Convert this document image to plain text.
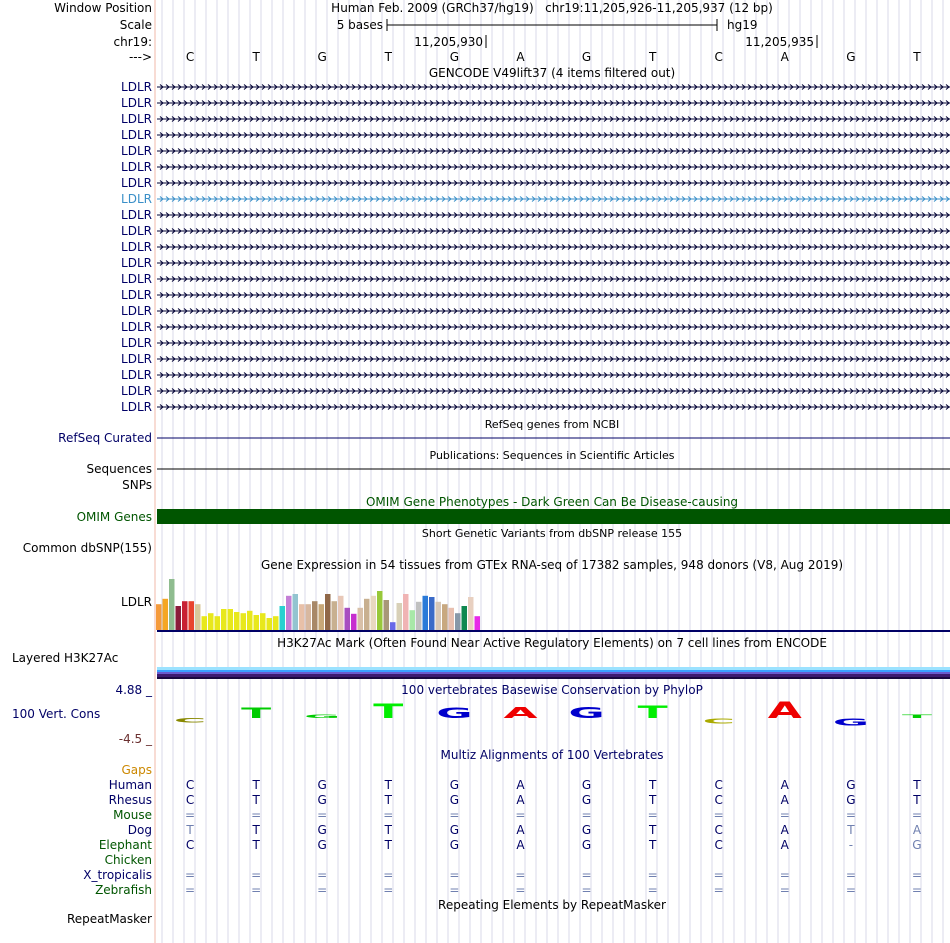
Window Position	Human Feb. 2009 (GRCh37/hg19)   chr19:11,205,926-11,205,937 (12 bp)
Scale	5 bases	hg19
chr19:	11,205,930	11,205,935
--->	C	T	G	T	G	A	G	T	C	A	G	T
GENCODE V49lift37 (4 items filtered out)
LDLR
LDLR
LDLR
LDLR
LDLR
LDLR
LDLR
LDLR
LDLR
LDLR
LDLR
LDLR
LDLR
LDLR
LDLR
LDLR
LDLR
LDLR
LDLR
LDLR
LDLR
RefSeq genes from NCBI
RefSeq Curated
Publications: Sequences in Scientific Articles
Sequences
SNPs
OMIM Gene Phenotypes - Dark Green Can Be Disease-causing
OMIM Genes
Short Genetic Variants from dbSNP release 155
Common dbSNP(155)
Gene Expression in 54 tissues from GTEx RNA-seq of 17382 samples, 948 donors (V8, Aug 2019)
LDLR
H3K27Ac Mark (Often Found Near Active Regulatory Elements) on 7 cell lines from ENCODE
Layered H3K27Ac
100 vertebrates Basewise Conservation by PhyloP
4.88 _
100 Vert. Cons
-4.5 _
C T G T G A G T C A G T
Multiz Alignments of 100 Vertebrates
Gaps
Human	C	T	G	T	G	A	G	T	C	A	G	T
Rhesus	C	T	G	T	G	A	G	T	C	A	G	T
Mouse	=	=	=	=	=	=	=	=	=	=	=	=
Dog	T	T	G	T	G	A	G	T	C	A	T	A
Elephant	C	T	G	T	G	A	G	T	C	A	-	G
Chicken
X_tropicalis	=	=	=	=	=	=	=	=	=	=	=	=
Zebrafish	=	=	=	=	=	=	=	=	=	=	=	=
Repeating Elements by RepeatMasker
RepeatMasker
